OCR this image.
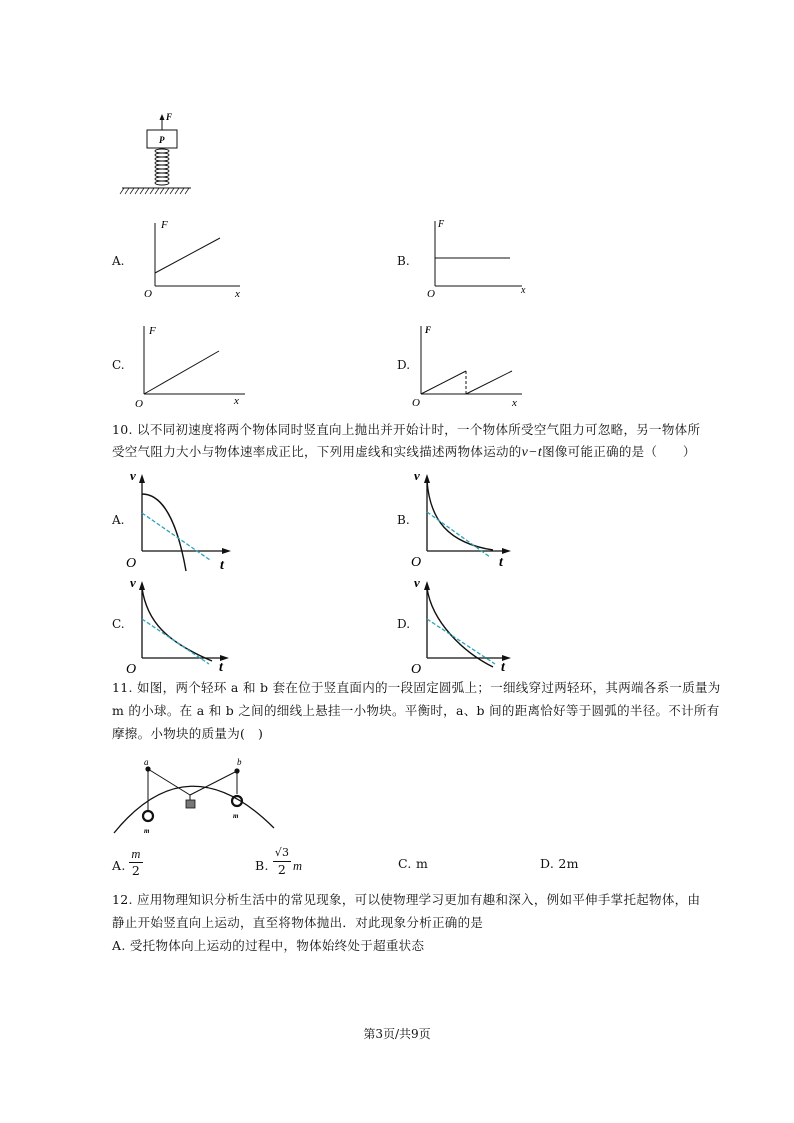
F
P
A.
F
O	x
B.
F
O	x
C.
F
O	x
D.
F
O	x
10. 以不同初速度将两个物体同时竖直向上抛出并开始计时，一个物体所受空气阻力可忽略，另一物体所
受空气阻力大小与物体速率成正比，下列用虚线和实线描述两物体运动的v−t图像可能正确的是（　　）
A.
v
O	t
B.
v
O	t
C.
v
O	t
D.
v
O	t
11. 如图，两个轻环 a 和 b 套在位于竖直面内的一段固定圆弧上；一细线穿过两轻环，其两端各系一质量为
m 的小球。在 a 和 b 之间的细线上悬挂一小物块。平衡时，a、b 间的距离恰好等于圆弧的半径。不计所有
摩擦。小物块的质量为(　)
a	b
m
m
A. $\frac{m}{2}$	B. $\frac{√3}{2}$ m	C. m	D. 2m
12. 应用物理知识分析生活中的常见现象，可以使物理学习更加有趣和深入，例如平伸手掌托起物体，由
静止开始竖直向上运动，直至将物体抛出．对此现象分析正确的是
A. 受托物体向上运动的过程中，物体始终处于超重状态
第3页/共9页
